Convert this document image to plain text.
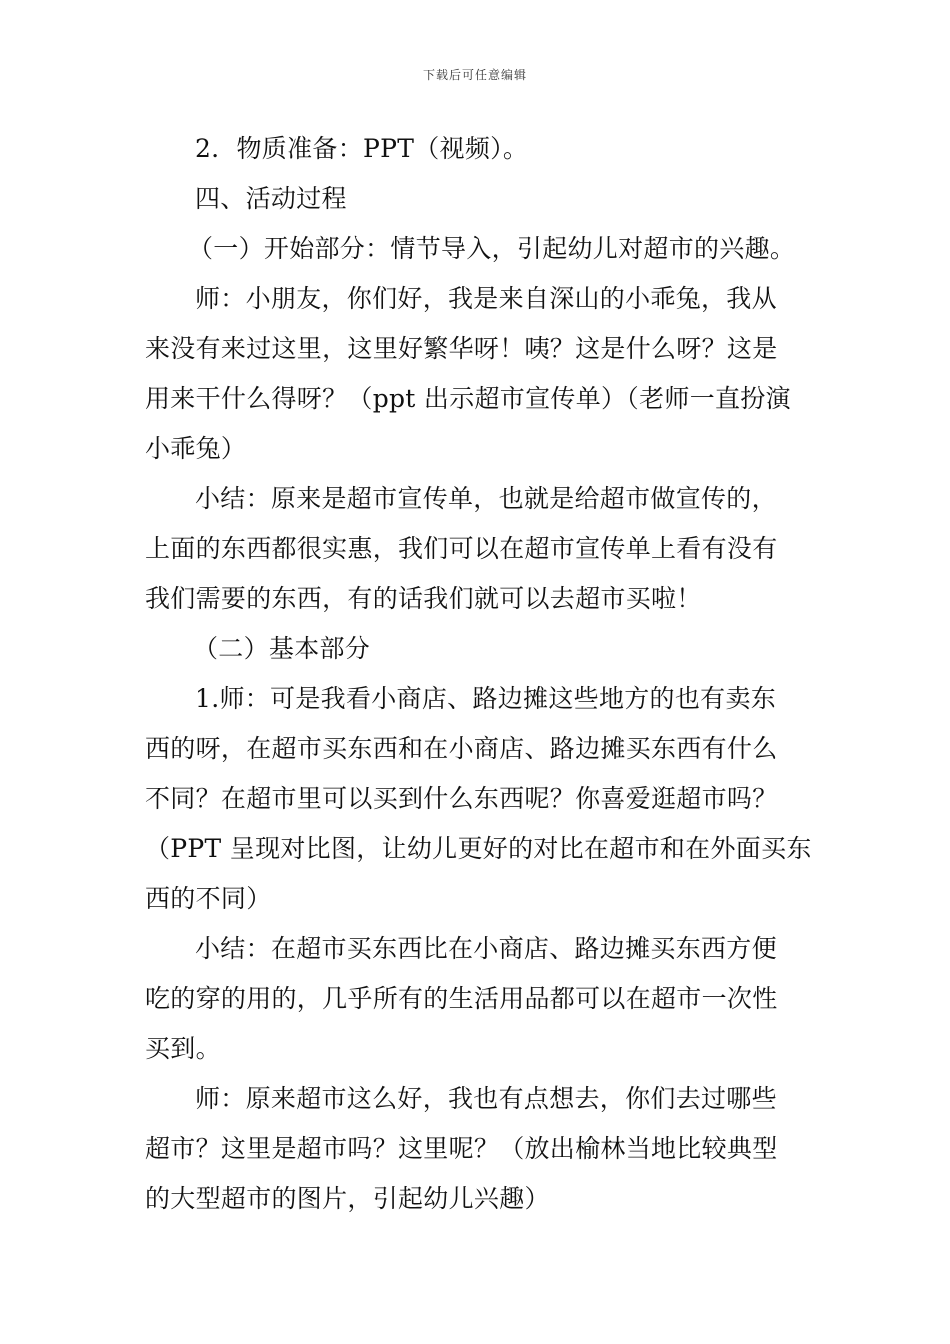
下载后可任意编辑
2．物质准备：PPT（视频）。
四、活动过程
（一）开始部分：情节导入，引起幼儿对超市的兴趣。
师：小朋友，你们好，我是来自深山的小乖兔，我从
来没有来过这里，这里好繁华呀！咦？这是什么呀？这是
用来干什么得呀？（ppt 出示超市宣传单）（老师一直扮演
小乖兔）
小结：原来是超市宣传单，也就是给超市做宣传的，
上面的东西都很实惠，我们可以在超市宣传单上看有没有
我们需要的东西，有的话我们就可以去超市买啦！
（二）基本部分
1.师：可是我看小商店、路边摊这些地方的也有卖东
西的呀，在超市买东西和在小商店、路边摊买东西有什么
不同？在超市里可以买到什么东西呢？你喜爱逛超市吗？
（PPT 呈现对比图，让幼儿更好的对比在超市和在外面买东
西的不同）
小结：在超市买东西比在小商店、路边摊买东西方便
吃的穿的用的，几乎所有的生活用品都可以在超市一次性
买到。
师：原来超市这么好，我也有点想去，你们去过哪些
超市？这里是超市吗？这里呢？（放出榆林当地比较典型
的大型超市的图片，引起幼儿兴趣）
